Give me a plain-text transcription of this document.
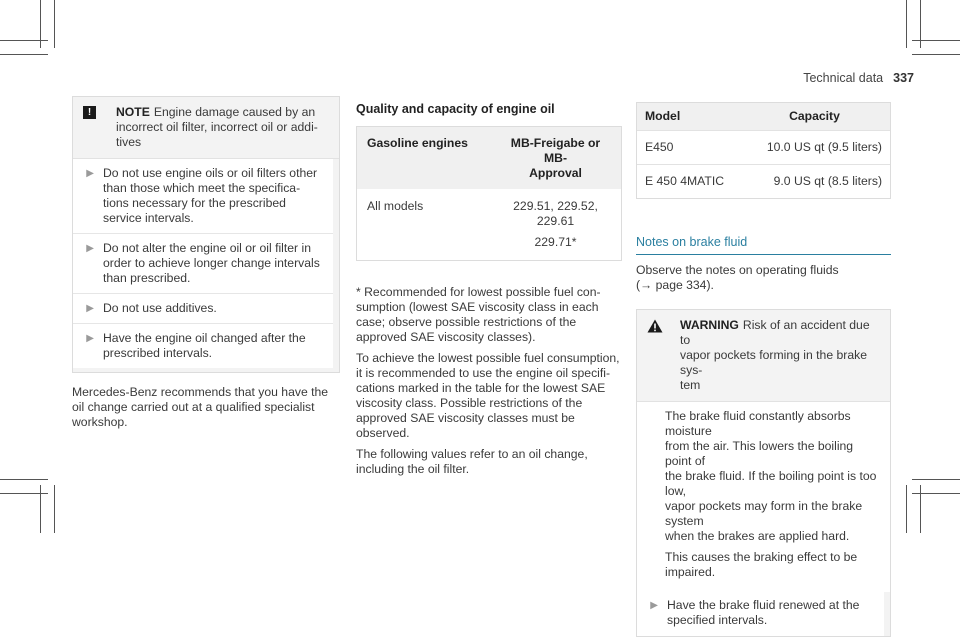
Technical data 337
!	NOTE Engine damage caused by an
incorrect oil filter, incorrect oil or addi-
tives
▶ Do not use engine oils or oil filters other
than those which meet the specifica-
tions necessary for the prescribed
service intervals.
▶ Do not alter the engine oil or oil filter in
order to achieve longer change intervals
than prescribed.
▶ Do not use additives.
▶ Have the engine oil changed after the
prescribed intervals.
Mercedes-Benz recommends that you have the
oil change carried out at a qualified specialist
workshop.
Quality and capacity of engine oil
Gasoline engines	MB-Freigabe or MB-
Approval
All models	229.51, 229.52,
229.61
229.71*

* Recommended for lowest possible fuel con-
sumption (lowest SAE viscosity class in each
case; observe possible restrictions of the
approved SAE viscosity classes).

To achieve the lowest possible fuel consumption,
it is recommended to use the engine oil specifi-
cations marked in the table for the lowest SAE
viscosity class. Possible restrictions of the
approved SAE viscosity classes must be
observed.

The following values refer to an oil change,
including the oil filter.

Model	Capacity
E450	10.0 US qt (9.5 liters)
E 450 4MATIC	9.0 US qt (8.5 liters)
Notes on brake fluid
Observe the notes on operating fluids
(→ page 334).
WARNING Risk of an accident due to
vapor pockets forming in the brake sys-
tem

The brake fluid constantly absorbs moisture
from the air. This lowers the boiling point of
the brake fluid. If the boiling point is too low,
vapor pockets may form in the brake system
when the brakes are applied hard.

This causes the braking effect to be
impaired.

▶ Have the brake fluid renewed at the
specified intervals.
